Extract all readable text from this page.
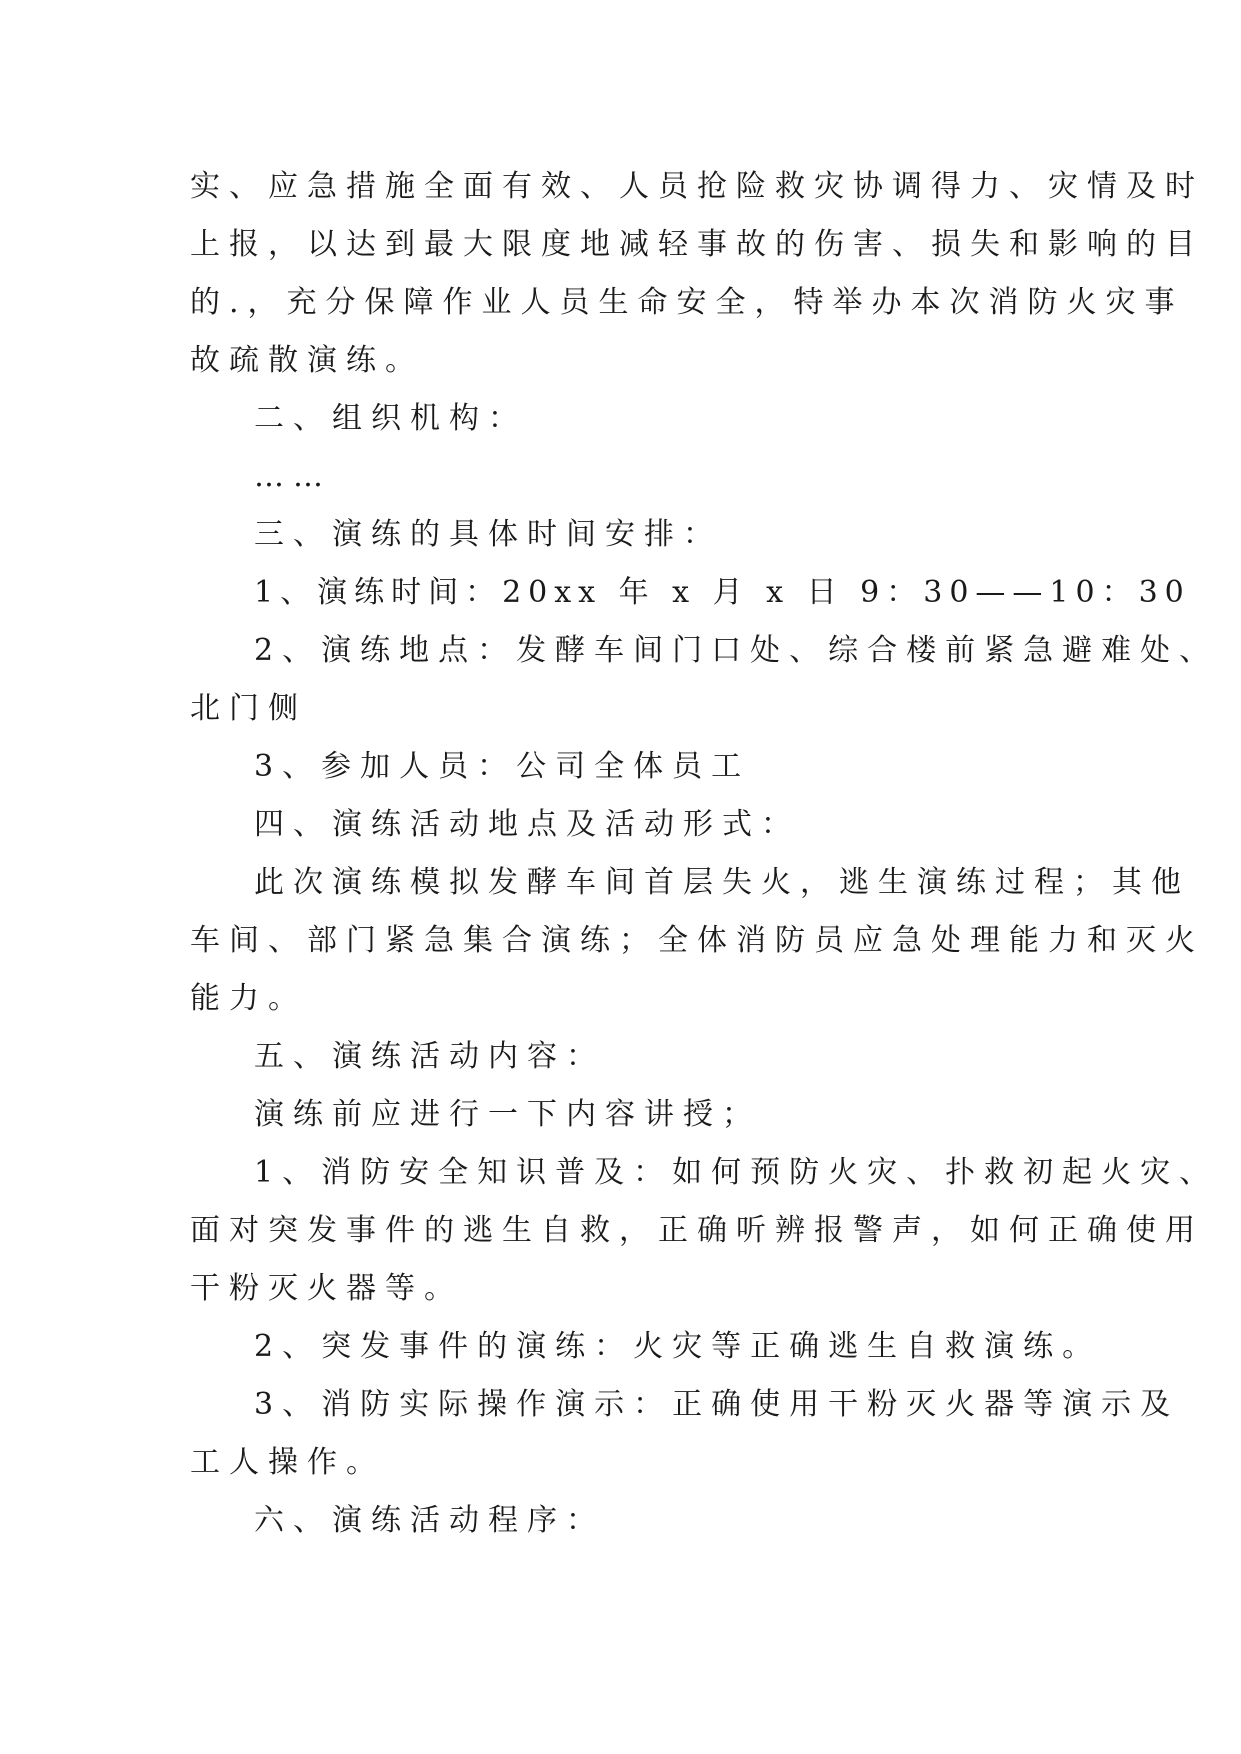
实、应急措施全面有效、人员抢险救灾协调得力、灾情及时

上报，以达到最大限度地减轻事故的伤害、损失和影响的目

的.，充分保障作业人员生命安全，特举办本次消防火灾事

故疏散演练。

二、组织机构：

……

三、演练的具体时间安排：

1、演练时间：20xx 年 x 月 x 日 9：30——10：30

2、演练地点：发酵车间门口处、综合楼前紧急避难处、

北门侧

3、参加人员：公司全体员工

四、演练活动地点及活动形式：

此次演练模拟发酵车间首层失火，逃生演练过程；其他

车间、部门紧急集合演练；全体消防员应急处理能力和灭火

能力。

五、演练活动内容：

演练前应进行一下内容讲授；

1、消防安全知识普及：如何预防火灾、扑救初起火灾、

面对突发事件的逃生自救，正确听辨报警声，如何正确使用

干粉灭火器等。

2、突发事件的演练：火灾等正确逃生自救演练。

3、消防实际操作演示：正确使用干粉灭火器等演示及

工人操作。

六、演练活动程序：
